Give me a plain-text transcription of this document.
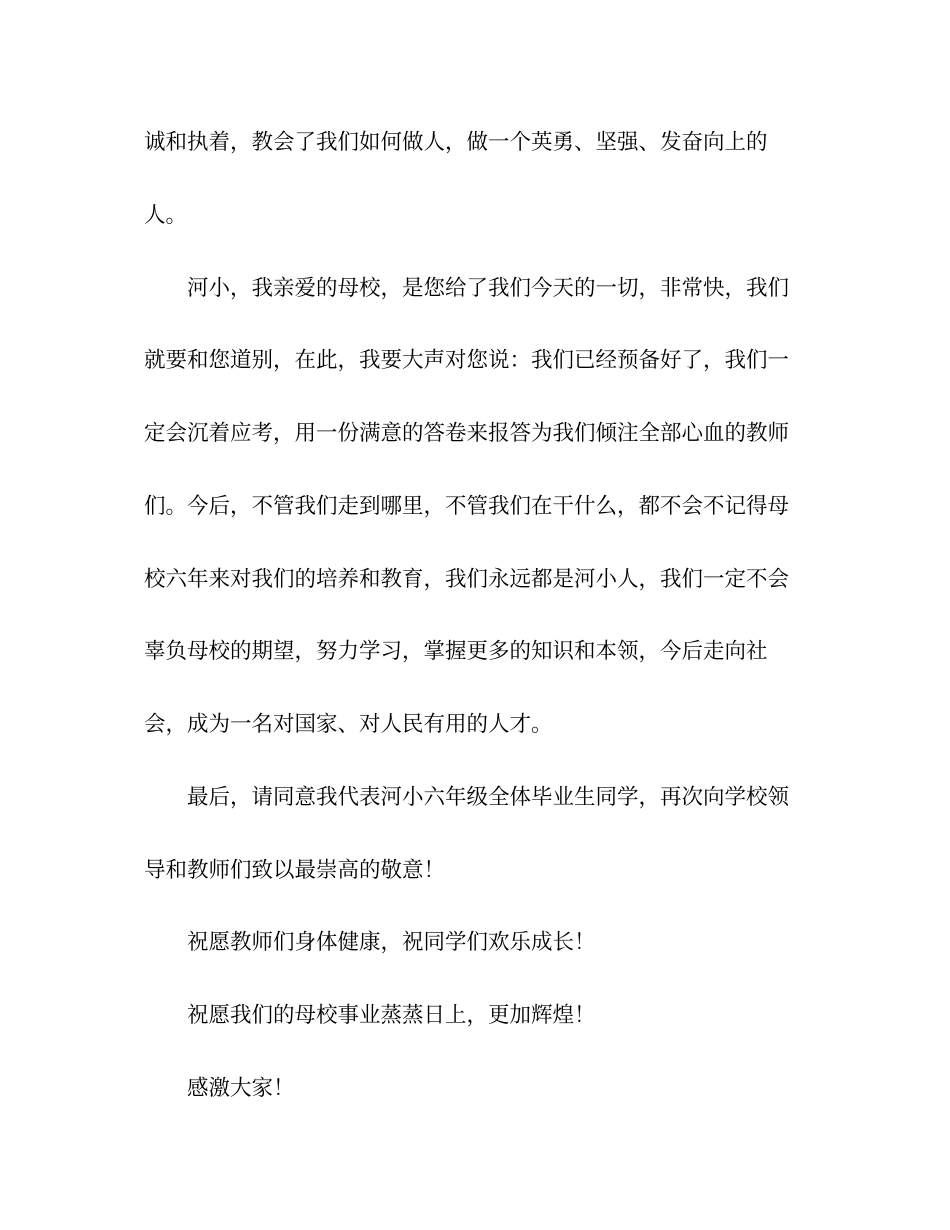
诚和执着，教会了我们如何做人，做一个英勇、坚强、发奋向上的
人。
河小，我亲爱的母校，是您给了我们今天的一切，非常快，我们
就要和您道别，在此，我要大声对您说：我们已经预备好了，我们一
定会沉着应考，用一份满意的答卷来报答为我们倾注全部心血的教师
们。今后，不管我们走到哪里，不管我们在干什么，都不会不记得母
校六年来对我们的培养和教育，我们永远都是河小人，我们一定不会
辜负母校的期望，努力学习，掌握更多的知识和本领，今后走向社
会，成为一名对国家、对人民有用的人才。
最后，请同意我代表河小六年级全体毕业生同学，再次向学校领
导和教师们致以最崇高的敬意！
祝愿教师们身体健康，祝同学们欢乐成长！
祝愿我们的母校事业蒸蒸日上，更加辉煌！
感激大家！
